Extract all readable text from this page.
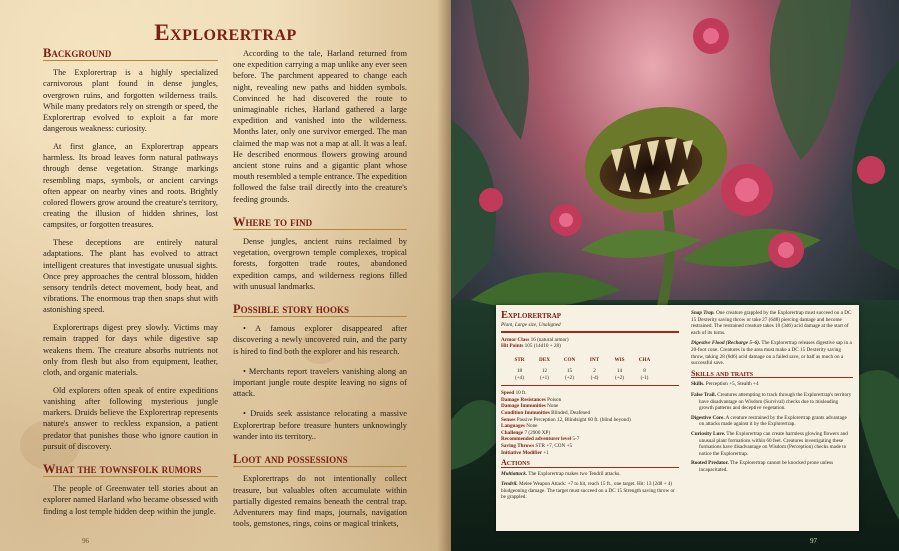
Explorertrap
Background

The Explorertrap is a highly specialized carnivorous plant found in dense jungles, overgrown ruins, and forgotten wilderness trails. While many predators rely on strength or speed, the Explorertrap evolved to exploit a far more dangerous weakness: curiosity.

At first glance, an Explorertrap appears harmless. Its broad leaves form natural pathways through dense vegetation. Strange markings resembling maps, symbols, or ancient carvings often appear on nearby vines and roots. Brightly colored flowers grow around the creature's territory, creating the illusion of hidden shrines, lost campsites, or forgotten treasures.

These deceptions are entirely natural adaptations. The plant has evolved to attract intelligent creatures that investigate unusual sights. Once prey approaches the central blossom, hidden sensory tendrils detect movement, body heat, and vibrations. The enormous trap then snaps shut with astonishing speed.

Explorertraps digest prey slowly. Victims may remain trapped for days while digestive sap weakens them. The creature absorbs nutrients not only from flesh but also from equipment, leather, cloth, and organic materials.

Old explorers often speak of entire expeditions vanishing after following mysterious jungle markers. Druids believe the Explorertrap represents nature's answer to reckless expansion, a patient predator that punishes those who ignore caution in pursuit of discovery.

What the townsfolk rumors

The people of Greenwater tell stories about an explorer named Harland who became obsessed with finding a lost temple hidden deep within the jungle.

According to the tale, Harland returned from one expedition carrying a map unlike any ever seen before. The parchment appeared to change each night, revealing new paths and hidden symbols. Convinced he had discovered the route to unimaginable riches, Harland gathered a large expedition and vanished into the wilderness. Months later, only one survivor emerged. The man claimed the map was not a map at all. It was a leaf. He described enormous flowers growing around ancient stone ruins and a gigantic plant whose mouth resembled a temple entrance. The expedition followed the false trail directly into the creature's feeding grounds.

Where to find

Dense jungles, ancient ruins reclaimed by vegetation, overgrown temple complexes, tropical forests, forgotten trade routes, abandoned expedition camps, and wilderness regions filled with unusual landmarks.

Possible story hooks
• A famous explorer disappeared after discovering a newly uncovered ruin, and the party is hired to find both the explorer and his research.
• Merchants report travelers vanishing along an important jungle route despite leaving no signs of attack.
• Druids seek assistance relocating a massive Explorertrap before treasure hunters unknowingly wander into its territory..
Loot and possessions

Explorertraps do not intentionally collect treasure, but valuables often accumulate within partially digested remains beneath the central trap. Adventurers may find maps, journals, navigation tools, gemstones, rings, coins or magical trinkets,

96
Explorertrap
Plant, Large size, Unaligned
Armor Class 16 (natural armor)
Hit Points 105 (14d10 + 28)
STR
18
(+4)
DEX
12
(+1)
CON
15
(+2)
INT
2
(-4)
WIS
14
(+2)
CHA
8
(-1)
Speed 10 ft.
Damage Resistances Poison
Damage Immunities None
Condition Immunities Blinded, Deafened
Senses Passive Perception 12, Blindsight 60 ft. (blind beyond)
Languages None
Challenge 7 (2900 XP)
Recommended adventurer level 5-7
Saving Throws STR +7, CON +5
Initiative Modifier +1
Actions

Multiattack. The Explorertrap makes two Tendril attacks.

Tendril. Melee Weapon Attack: +7 to hit, reach 15 ft., one target. Hit: 13 (2d8 + 4) bludgeoning damage. The target must succeed on a DC 15 Strength saving throw or be grappled.

Snap Trap. One creature grappled by the Explorertrap must succeed on a DC 15 Dexterity saving throw or take 27 (6d8) piercing damage and become restrained. The restrained creature takes 10 (3d6) acid damage at the start of each of its turns.

Digestive Flood (Recharge 5–6). The Explorertrap releases digestive sap in a 20-foot cone. Creatures in the area must make a DC 15 Dexterity saving throw, taking 28 (8d6) acid damage on a failed save, or half as much on a successful save.

Skills and traits

Skills. Perception +5, Stealth +4

False Trail. Creatures attempting to track through the Explorertrap's territory have disadvantage on Wisdom (Survival) checks due to misleading growth patterns and deceptive vegetation.

Digestive Core. A creature restrained by the Explorertrap grants advantage on attacks made against it by the Explorertrap.

Curiosity Lure. The Explorertrap can create harmless glowing flowers and unusual plant formations within 60 feet. Creatures investigating these formations have disadvantage on Wisdom (Perception) checks made to notice the Explorertrap.

Rooted Predator. The Explorertrap cannot be knocked prone unless incapacitated.

97
